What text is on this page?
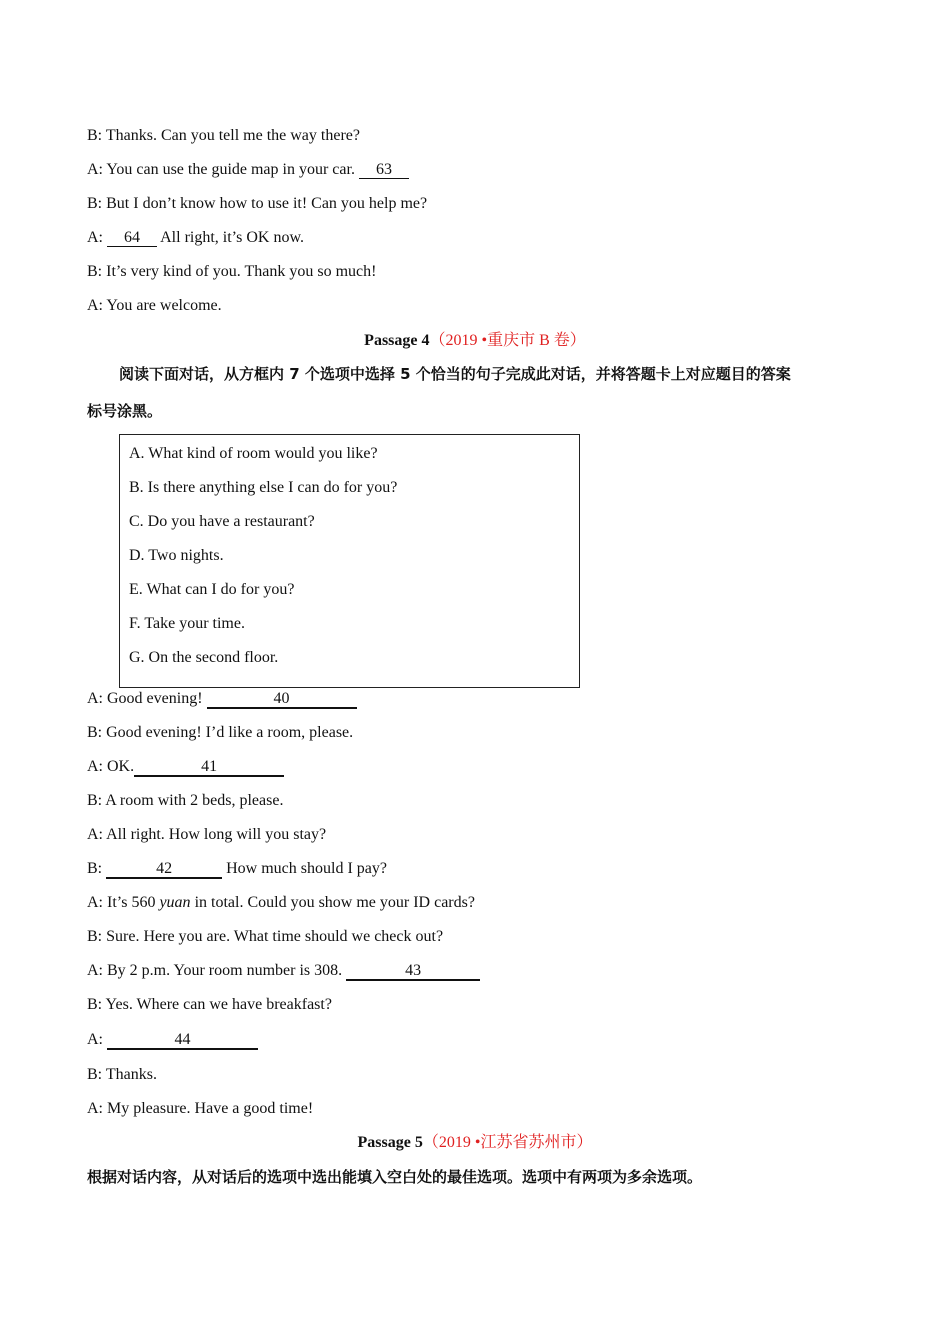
B: Thanks. Can you tell me the way there?
A: You can use the guide map in your car. 63
B: But I don’t know how to use it! Can you help me?
A: 64 All right, it’s OK now.
B: It’s very kind of you. Thank you so much!
A: You are welcome.
Passage 4（2019 •重庆市 B 卷）
阅读下面对话，从方框内 7 个选项中选择 5 个恰当的句子完成此对话，并将答题卡上对应题目的答案
标号涂黑。
A. What kind of room would you like?
B. Is there anything else I can do for you?
C. Do you have a restaurant?
D. Two nights.
E. What can I do for you?
F. Take your time.
G. On the second floor.
A: Good evening!	40
B: Good evening! I’d like a room, please.
A: OK.	41
B: A room with 2 beds, please.
A: All right. How long will you stay?
B:	42	How much should I pay?
A: It’s 560 yuan in total. Could you show me your ID cards?
B: Sure. Here you are. What time should we check out?
A: By 2 p.m. Your room number is 308.	43
B: Yes. Where can we have breakfast?
A:	44
B: Thanks.
A: My pleasure. Have a good time!
Passage 5（2019 •江苏省苏州市）
根据对话内容，从对话后的选项中选出能填入空白处的最佳选项。选项中有两项为多余选项。
